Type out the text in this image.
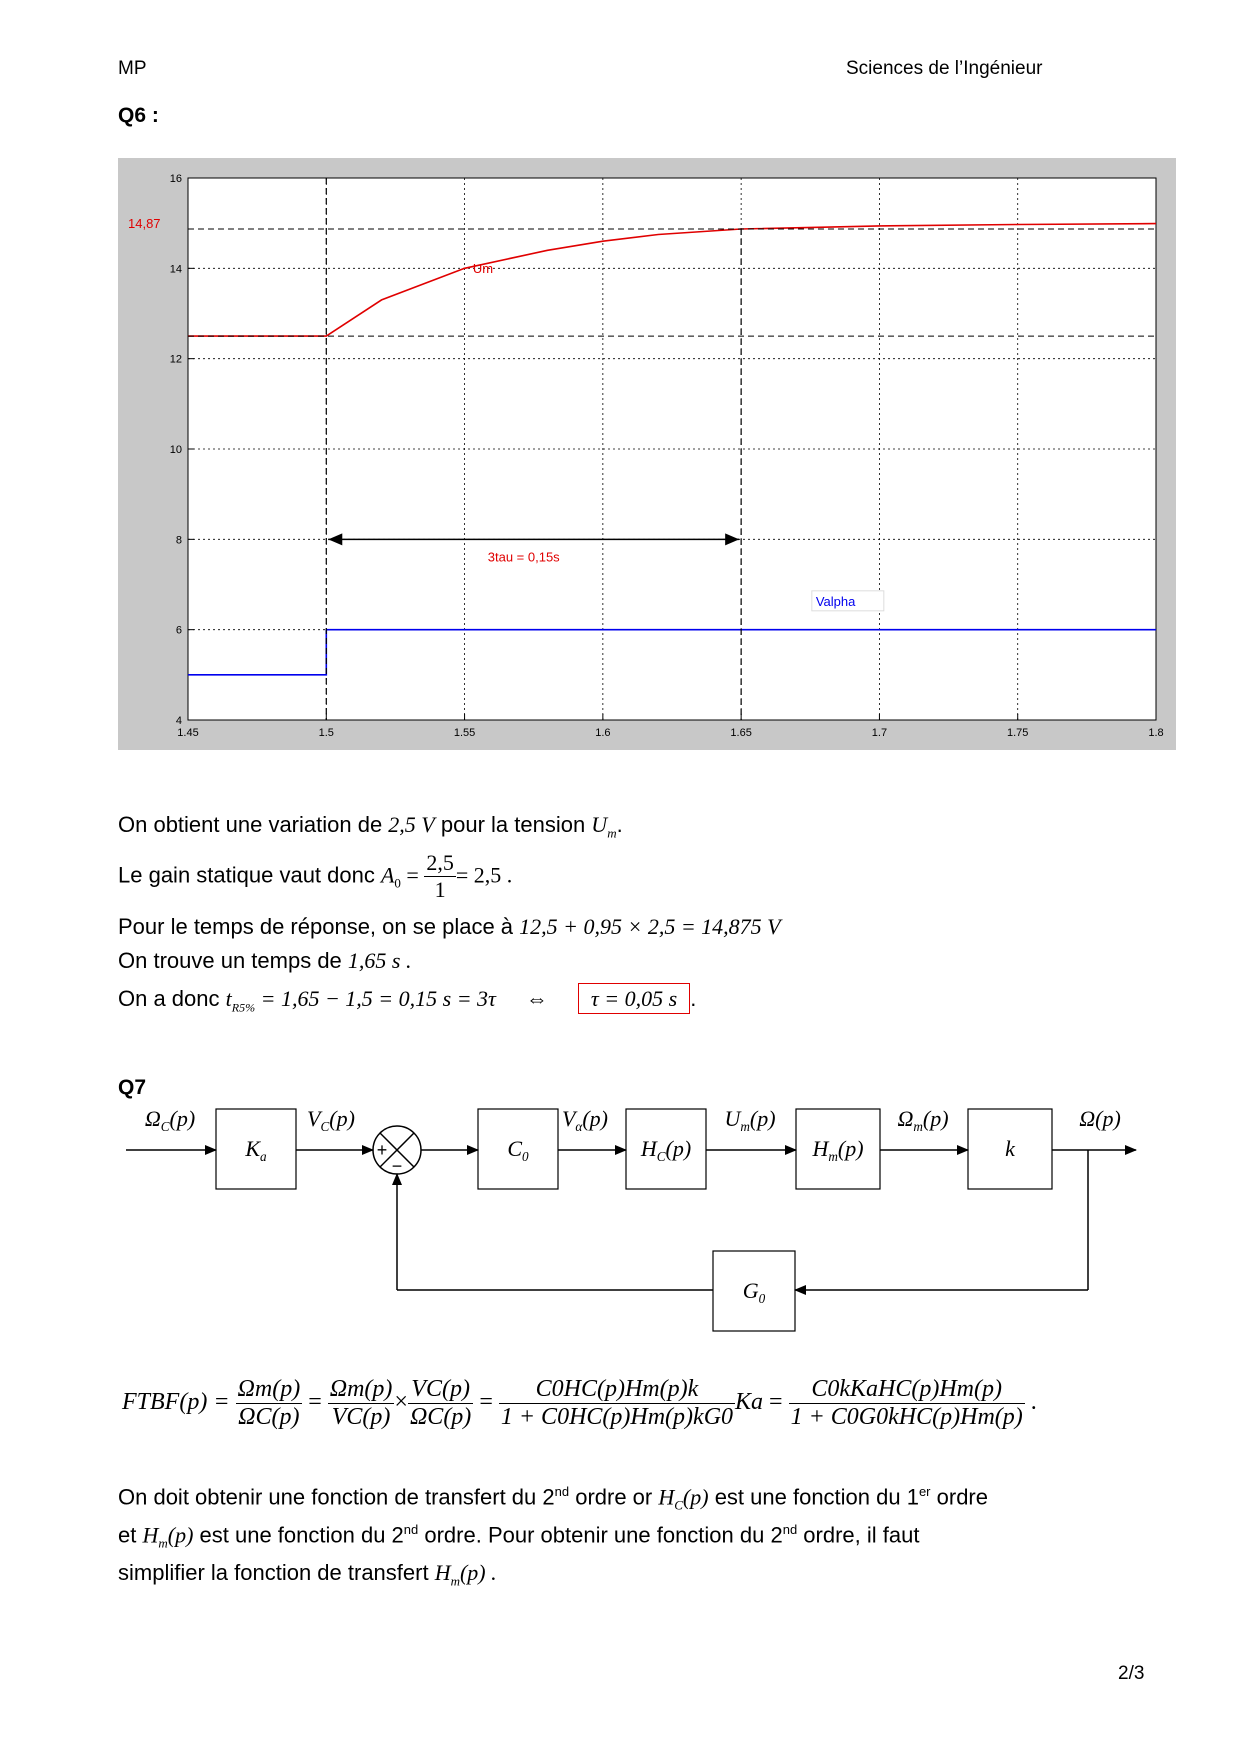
MP	Sciences de l’Ingénieur
Q6 :
1.45	1.5	1.55	1.6	1.65	1.7	1.75	1.8
4
6
8
10
12
14
16
3tau = 0,15s
14,87
Um
Valpha
On obtient une variation de 2,5 V pour la tension $U_m$.
Le gain statique vaut donc $A_0 = \frac{2,5}{1} = 2,5$ .
Pour le temps de réponse, on se place à 12,5 + 0,95 × 2,5 = 14,875 V
On trouve un temps de 1,65 s .
On a donc $t_{R5\%} = 1,65 - 1,5 = 0,15$ s = 3τ ⇔ τ = 0,05 s .
Q7
$K_a$	$C_0$	$H_C(p)$	$H_m(p)$	k
$G_0$
+
−
$\Omega_C(p)$	$V_C(p)$	$V_\alpha(p)$	$U_m(p)$	$\Omega_m(p)$	Ω(p)
FTBF(p) = $\frac{\Omega m(p)}{\Omega C(p)} = \frac{\Omega m(p)}{VC(p)} \times \frac{VC(p)}{\Omega C(p)} = \frac{C0HC(p)Hm(p)k}{1 + C0HC(p)Hm(p)kG0}$ $Ka = \frac{\text{C0kKaHC(p)Hm(p)}}{\text{1 + C0G0kHC(p)Hm(p)}}$ .
On doit obtenir une fonction de transfert du 2nd ordre or $H_C(p)$ est une fonction du 1er ordre
et $H_m(p)$ est une fonction du 2nd ordre. Pour obtenir une fonction du 2nd ordre, il faut
simplifier la fonction de transfert $H_m(p)$ .
2/3
